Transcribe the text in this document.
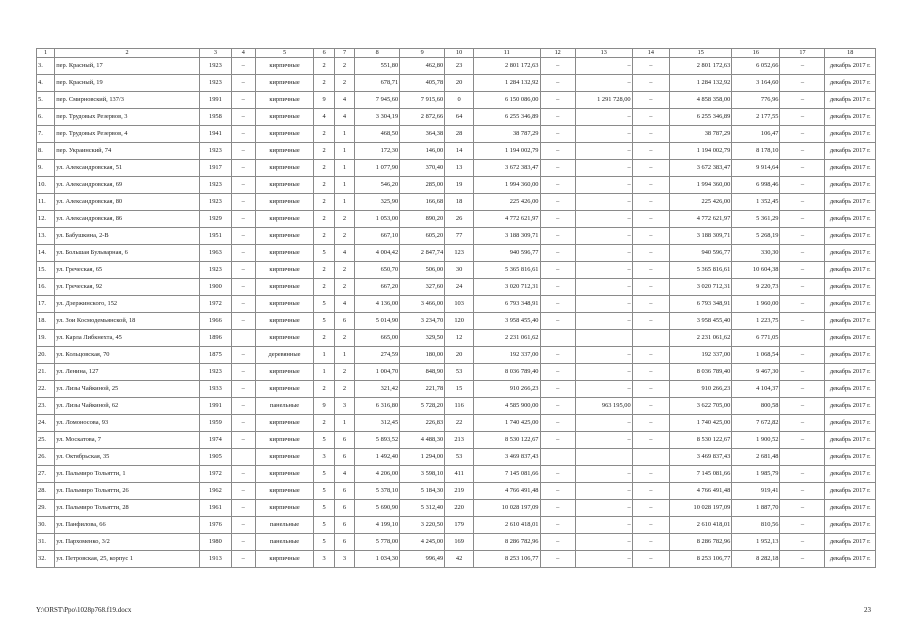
1	2	3	4	5	6	7	8	9	10	11	12	13	14	15	16	17	18
3.	пер. Красный, 17	1923	–	кирпичные	2	2	551,80	462,80	23	2 801 172,63	–	–	–	2 801 172,63	6 052,66	–	декабрь 2017 г.
4.	пер. Красный, 19	1923	–	кирпичные	2	2	678,71	405,78	20	1 284 132,92	–	–	–	1 284 132,92	3 164,60	–	декабрь 2017 г.
5.	пер. Смирновский, 137/3	1991	–	кирпичные	9	4	7 945,60	7 915,60	0	6 150 086,00	–	1 291 728,00	–	4 858 358,00	776,96	–	декабрь 2017 г.
6.	пер. Трудовых Резервов, 3	1958	–	кирпичные	4	4	3 304,19	2 872,66	64	6 255 346,89	–	–	–	6 255 346,89	2 177,55	–	декабрь 2017 г.
7.	пер. Трудовых Резервов, 4	1941	–	кирпичные	2	1	468,50	364,38	28	38 787,29	–	–	–	38 787,29	106,47	–	декабрь 2017 г.
8.	пер. Украинский, 74	1923	–	кирпичные	2	1	172,30	146,00	14	1 194 002,79	–	–	–	1 194 002,79	8 178,10	–	декабрь 2017 г.
9.	ул. Александровская, 51	1917	–	кирпичные	2	1	1 077,90	370,40	13	3 672 383,47	–	–	–	3 672 383,47	9 914,64	–	декабрь 2017 г.
10.	ул. Александровская, 69	1923	–	кирпичные	2	1	546,20	285,00	19	1 994 360,00	–	–	–	1 994 360,00	6 998,46	–	декабрь 2017 г.
11.	ул. Александровская, 80	1923	–	кирпичные	2	1	325,90	166,68	18	225 426,00	–	–	–	225 426,00	1 352,45	–	декабрь 2017 г.
12.	ул. Александровская, 86	1929	–	кирпичные	2	2	1 053,00	890,20	26	4 772 621,97	–	–	–	4 772 621,97	5 361,29	–	декабрь 2017 г.
13.	ул. Бабушкина, 2-В	1951	–	кирпичные	2	2	667,10	605,20	77	3 188 309,71	–	–	–	3 188 309,71	5 268,19	–	декабрь 2017 г.
14.	ул. Большая Бульварная, 6	1963	–	кирпичные	5	4	4 004,42	2 847,74	123	940 596,77	–	–	–	940 596,77	330,30	–	декабрь 2017 г.
15.	ул. Греческая, 65	1923	–	кирпичные	2	2	650,70	506,00	30	5 365 816,61	–	–	–	5 365 816,61	10 604,38	–	декабрь 2017 г.
16.	ул. Греческая, 92	1900	–	кирпичные	2	2	667,20	327,60	24	3 020 712,31	–	–	–	3 020 712,31	9 220,73	–	декабрь 2017 г.
17.	ул. Дзержинского, 152	1972	–	кирпичные	5	4	4 136,00	3 466,00	103	6 793 348,91	–	–	–	6 793 348,91	1 960,00	–	декабрь 2017 г.
18.	ул. Зои Космодемьянской, 18	1966	–	кирпичные	5	6	5 014,90	3 234,70	120	3 958 455,40	–	–	–	3 958 455,40	1 223,75	–	декабрь 2017 г.
19.	ул. Карла Либкнехта, 45	1896		кирпичные	2	2	665,00	329,50	12	2 231 061,62				2 231 061,62	6 771,05		декабрь 2017 г.
20.	ул. Кольцовская, 70	1875	–	деревянные	1	1	274,59	180,00	20	192 337,00	–	–	–	192 337,00	1 068,54	–	декабрь 2017 г.
21.	ул. Ленина, 127	1923	–	кирпичные	1	2	1 004,70	848,90	53	8 036 789,40	–	–	–	8 036 789,40	9 467,30	–	декабрь 2017 г.
22.	ул. Лизы Чайкиной, 25	1933	–	кирпичные	2	2	321,42	221,78	15	910 266,23	–	–	–	910 266,23	4 104,37	–	декабрь 2017 г.
23.	ул. Лизы Чайкиной, 62	1991	–	панельные	9	3	6 316,80	5 728,20	116	4 585 900,00	–	963 195,00	–	3 622 705,00	800,58	–	декабрь 2017 г.
24.	ул. Ломоносова, 93	1959	–	кирпичные	2	1	312,45	226,83	22	1 740 425,00	–	–	–	1 740 425,00	7 672,82	–	декабрь 2017 г.
25.	ул. Москатова, 7	1974	–	кирпичные	5	6	5 893,52	4 488,30	213	8 530 122,67	–	–	–	8 530 122,67	1 900,52	–	декабрь 2017 г.
26.	ул. Октябрьская, 35	1905		кирпичные	3	6	1 492,40	1 294,00	53	3 469 837,43				3 469 837,43	2 681,48		декабрь 2017 г.
27.	ул. Пальмиро Тольятти, 1	1972	–	кирпичные	5	4	4 206,00	3 598,10	411	7 145 081,66	–	–	–	7 145 081,66	1 985,79	–	декабрь 2017 г.
28.	ул. Пальмиро Тольятти, 26	1962	–	кирпичные	5	6	5 378,10	5 184,30	219	4 766 491,48	–	–	–	4 766 491,48	919,41	–	декабрь 2017 г.
29.	ул. Пальмиро Тольятти, 28	1961	–	кирпичные	5	6	5 690,90	5 312,40	220	10 028 197,09	–	–	–	10 028 197,09	1 887,70	–	декабрь 2017 г.
30.	ул. Панфилова, 66	1976	–	панельные	5	6	4 199,10	3 220,50	179	2 610 418,01	–	–	–	2 610 418,01	810,56	–	декабрь 2017 г.
31.	ул. Пархоменко, 3/2	1980	–	панельные	5	6	5 778,00	4 245,00	169	8 286 782,96	–	–	–	8 286 782,96	1 952,13	–	декабрь 2017 г.
32.	ул. Петровская, 25, корпус 1	1913	–	кирпичные	3	3	1 034,30	996,49	42	8 253 106,77	–	–	–	8 253 106,77	8 282,18	–	декабрь 2017 г.
Y:\ORST\Ppo\1028p768.f19.docx	23
